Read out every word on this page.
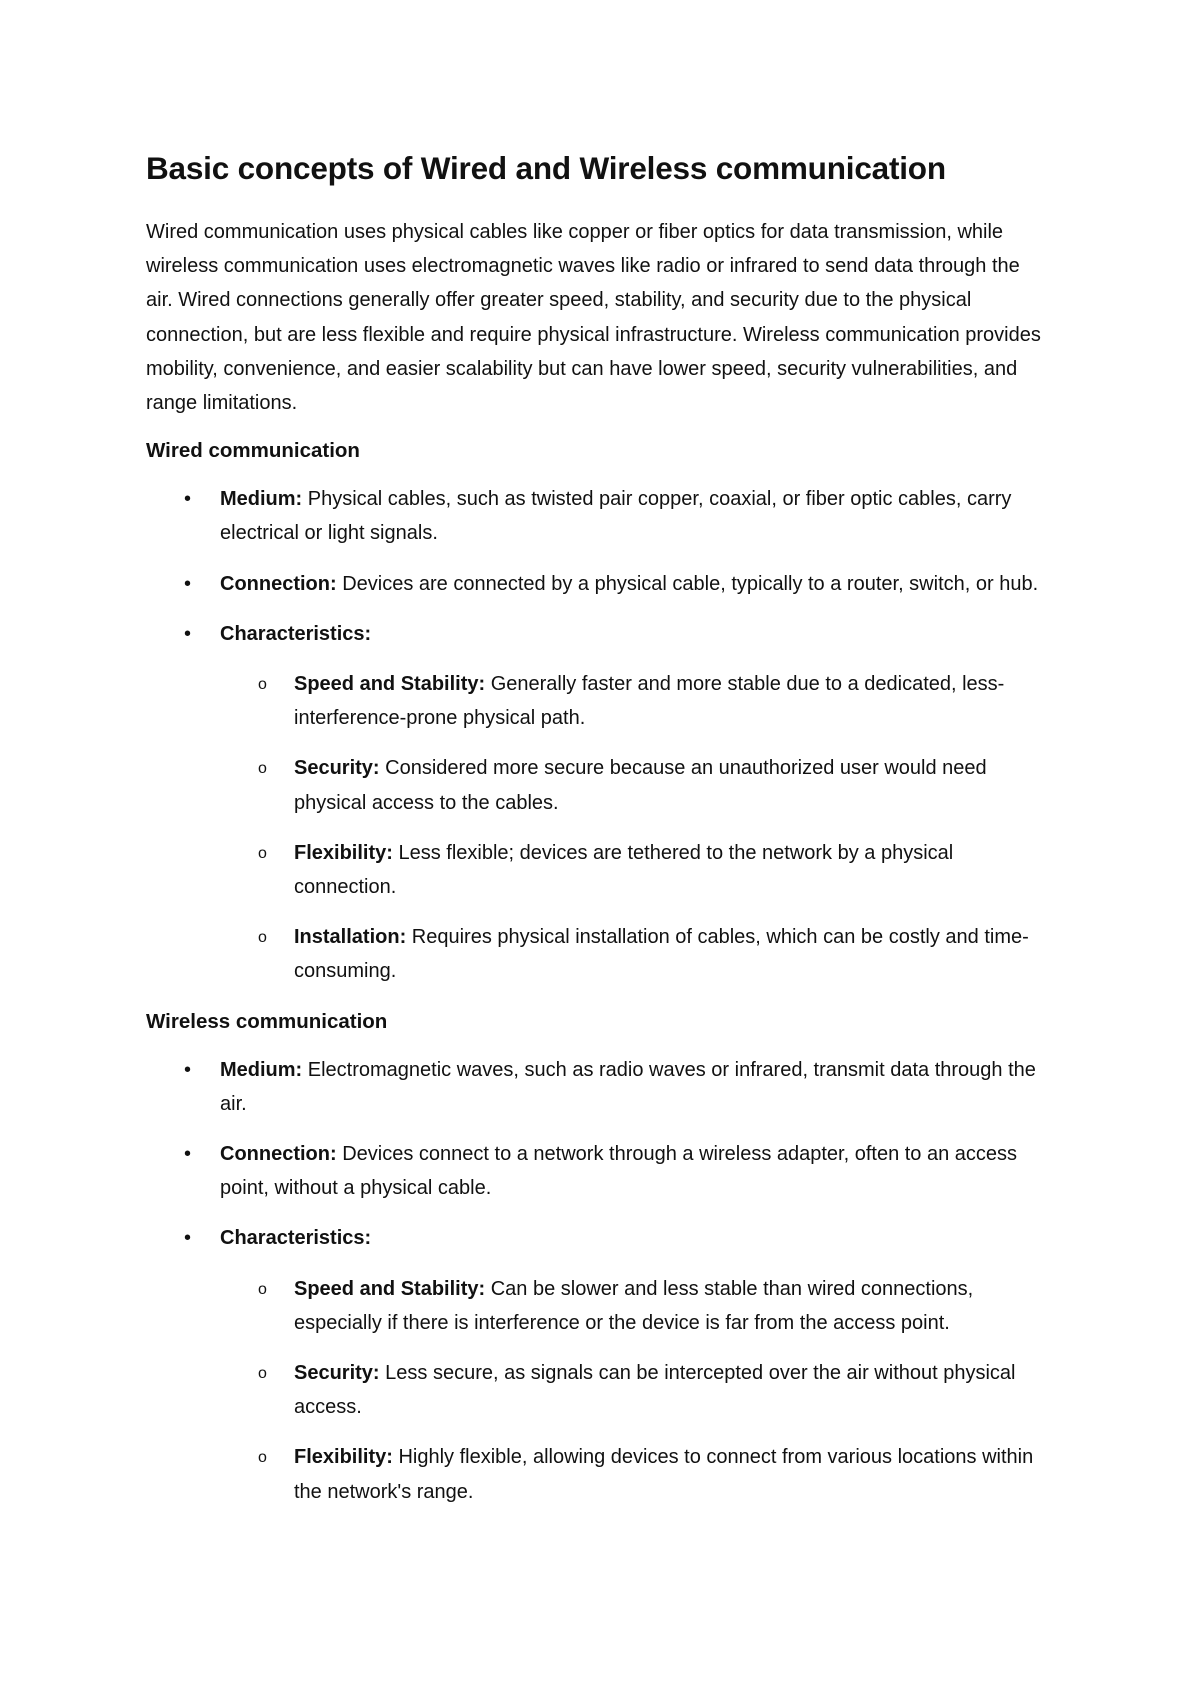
Basic concepts of Wired and Wireless communication

Wired communication uses physical cables like copper or fiber optics for data transmission, while wireless communication uses electromagnetic waves like radio or infrared to send data through the air. Wired connections generally offer greater speed, stability, and security due to the physical connection, but are less flexible and require physical infrastructure. Wireless communication provides mobility, convenience, and easier scalability but can have lower speed, security vulnerabilities, and range limitations.

Wired communication
•	Medium: Physical cables, such as twisted pair copper, coaxial, or fiber optic cables, carry electrical or light signals.
•	Connection: Devices are connected by a physical cable, typically to a router, switch, or hub.
•	Characteristics:
o	Speed and Stability: Generally faster and more stable due to a dedicated, less-interference-prone physical path.
o	Security: Considered more secure because an unauthorized user would need physical access to the cables.
o	Flexibility: Less flexible; devices are tethered to the network by a physical connection.
o	Installation: Requires physical installation of cables, which can be costly and time-consuming.
Wireless communication
•	Medium: Electromagnetic waves, such as radio waves or infrared, transmit data through the air.
•	Connection: Devices connect to a network through a wireless adapter, often to an access point, without a physical cable.
•	Characteristics:
o	Speed and Stability: Can be slower and less stable than wired connections, especially if there is interference or the device is far from the access point.
o	Security: Less secure, as signals can be intercepted over the air without physical access.
o	Flexibility: Highly flexible, allowing devices to connect from various locations within the network's range.
